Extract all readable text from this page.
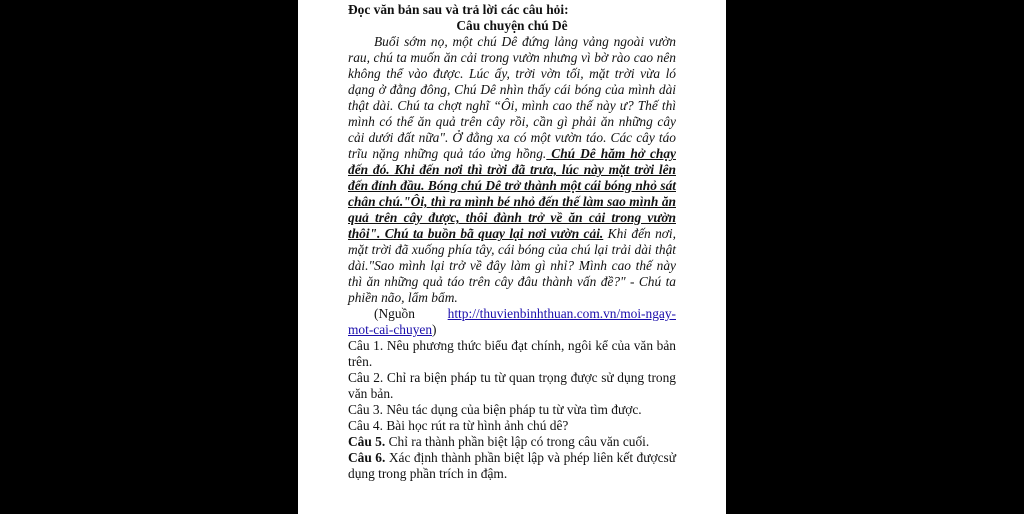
Đọc văn bản sau và trả lời các câu hỏi:

Câu chuyện chú Dê

Buổi sớm nọ, một chú Dê đứng lảng vảng ngoài vườn rau, chú ta muốn ăn cải trong vườn nhưng vì bờ rào cao nên không thể vào được. Lúc ấy, trời vờn tối, mặt trời vừa ló dạng ở đằng đông, Chú Dê nhìn thấy cái bóng của mình dài thật dài. Chú ta chợt nghĩ “Ôi, mình cao thế này ư? Thế thì mình có thể ăn quả trên cây rồi, cần gì phải ăn những cây cải dưới đất nữa". Ở đằng xa có một vườn táo. Các cây táo trĩu nặng những quả táo ửng hồng. Chú Dê hăm hở chạy đến đó. Khi đến nơi thì trời đã trưa, lúc này mặt trời lên đến đỉnh đầu. Bóng chú Dê trở thành một cái bóng nhỏ sát chân chú."Ôi, thì ra mình bé nhỏ đến thế làm sao mình ăn quả trên cây được, thôi đành trở về ăn cải trong vườn thôi". Chú ta buồn bã quay lại nơi vườn cải. Khi đến nơi, mặt trời đã xuống phía tây, cái bóng của chú lại trải dài thật dài."Sao mình lại trở về đây làm gì nhỉ? Mình cao thế này thì ăn những quả táo trên cây đâu thành vấn đề?" - Chú ta phiền não, lẩm bẩm.

(Nguồn http://thuvienbinhthuan.com.vn/moi-ngay-mot-cai-chuyen)

Câu 1. Nêu phương thức biểu đạt chính, ngôi kể của văn bản trên.

Câu 2. Chỉ ra biện pháp tu từ quan trọng được sử dụng trong văn bản.

Câu 3. Nêu tác dụng của biện pháp tu từ vừa tìm được.

Câu 4. Bài học rút ra từ hình ảnh chú dê?

Câu 5. Chỉ ra thành phần biệt lập có trong câu văn cuối.

Câu 6. Xác định thành phần biệt lập và phép liên kết đượcsử dụng trong phần trích in đậm.
